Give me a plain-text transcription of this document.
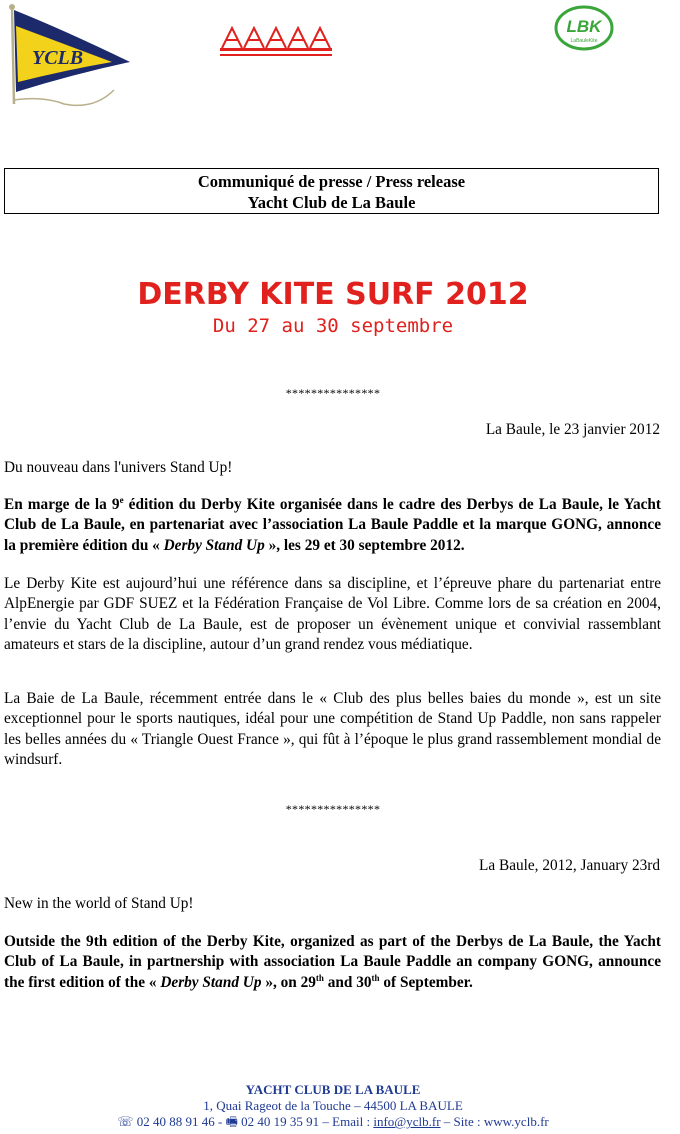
YCLB
LBK
LaBauleKite
Communiqué de presse / Press release
Yacht Club de La Baule
DERBY KITE SURF 2012
Du 27 au 30 septembre
***************
La Baule, le 23 janvier 2012
Du nouveau dans l'univers Stand Up!
En marge de la 9e édition du Derby Kite organisée dans le cadre des Derbys de La Baule, le Yacht Club de La Baule, en partenariat avec l’association La Baule Paddle et la marque GONG, annonce la première édition du « Derby Stand Up », les 29 et 30 septembre 2012.
Le Derby Kite est aujourd’hui une référence dans sa discipline, et l’épreuve phare du partenariat entre AlpEnergie par GDF SUEZ et la Fédération Française de Vol Libre. Comme lors de sa création en 2004, l’envie du Yacht Club de La Baule, est de proposer un évènement unique et convivial rassemblant amateurs et stars de la discipline, autour d’un grand rendez vous médiatique.
La Baie de La Baule, récemment entrée dans le « Club des plus belles baies du monde », est un site exceptionnel pour le sports nautiques, idéal pour une compétition de Stand Up Paddle, non sans rappeler les belles années du « Triangle Ouest France », qui fût à l’époque le plus grand rassemblement mondial de windsurf.
***************
La Baule, 2012, January 23rd
New in the world of Stand Up!
Outside the 9th edition of the Derby Kite, organized as part of the Derbys de La Baule, the Yacht Club of La Baule, in partnership with association La Baule Paddle an company GONG, announce the first edition of the « Derby Stand Up », on 29th and 30th of September.
YACHT CLUB DE LA BAULE
1, Quai Rageot de la Touche – 44500 LA BAULE
☏ 02 40 88 91 46 - 🖷 02 40 19 35 91 – Email : info@yclb.fr – Site : www.yclb.fr
